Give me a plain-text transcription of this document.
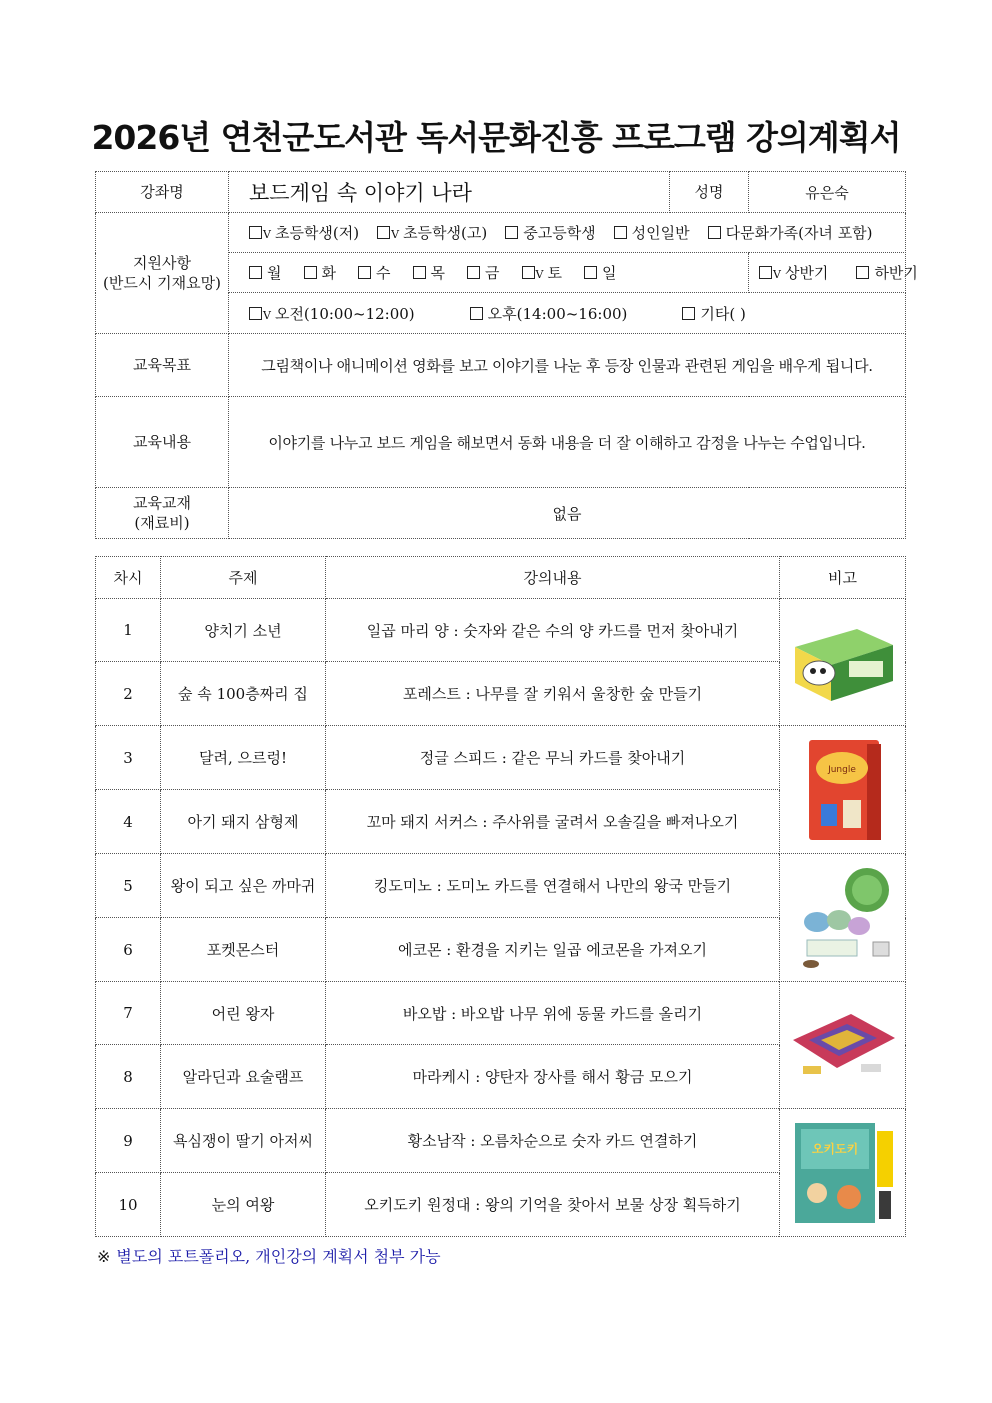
2026년 연천군도서관 독서문화진흥 프로그램 강의계획서
강좌명	보드게임 속 이야기 나라	성명	유은숙

지원사항
(반드시 기재요망)	V 초등학생(저) V 초등학생(고) 중고등학생 성인일반 다문화가족(자녀 포함)		
	월 화 수 목 금 V 토 일		V 상반기 하반기
	V 오전(10:00~12:00) 오후(14:00~16:00) 기타( )		
교육목표	그림책이나 애니메이션 영화를 보고 이야기를 나눈 후 등장 인물과 관련된 게임을 배우게 됩니다.		
교육내용	이야기를 나누고 보드 게임을 해보면서 동화 내용을 더 잘 이해하고 감정을 나누는 수업입니다.		

교육교재
(재료비)	없음		
차시	주제	강의내용	비고
1	양치기 소년	일곱 마리 양 : 숫자와 같은 수의 양 카드를 먼저 찾아내기	

2	숲 속 100층짜리 집	포레스트 : 나무를 잘 키워서 울창한 숲 만들기	
3	달려, 으르렁!	정글 스피드 : 같은 무늬 카드를 찾아내기	Jungle

4	아기 돼지 삼형제	꼬마 돼지 서커스 : 주사위를 굴려서 오솔길을 빠져나오기	
5	왕이 되고 싶은 까마귀	킹도미노 : 도미노 카드를 연결해서 나만의 왕국 만들기	

6	포켓몬스터	에코몬 : 환경을 지키는 일곱 에코몬을 가져오기	
7	어린 왕자	바오밥 : 바오밥 나무 위에 동물 카드를 올리기	

8	알라딘과 요술램프	마라케시 : 양탄자 장사를 해서 황금 모으기	
9	욕심쟁이 딸기 아저씨	황소남작 : 오름차순으로 숫자 카드 연결하기	오키도키

10	눈의 여왕	오키도키 원정대 : 왕의 기억을 찾아서 보물 상장 획득하기	
※ 별도의 포트폴리오, 개인강의 계획서 첨부 가능
